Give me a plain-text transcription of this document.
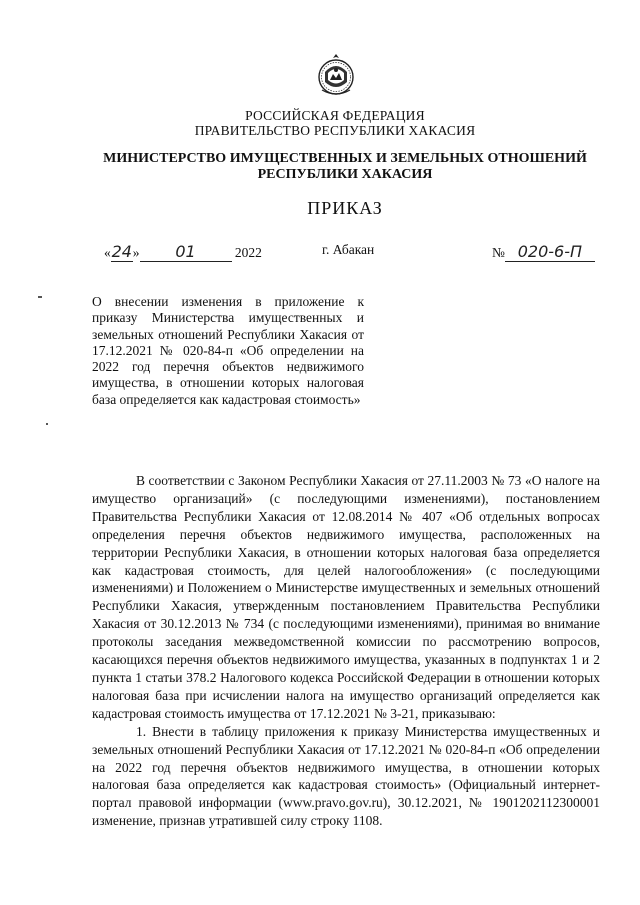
РОССИЙСКАЯ ФЕДЕРАЦИЯ
ПРАВИТЕЛЬСТВО РЕСПУБЛИКИ ХАКАСИЯ
МИНИСТЕРСТВО ИМУЩЕСТВЕННЫХ И ЗЕМЕЛЬНЫХ ОТНОШЕНИЙ
РЕСПУБЛИКИ ХАКАСИЯ
ПРИКАЗ
«24» 01	2022	г. Абакан	№ 020-6-П
О внесении изменения в приложение к приказу Министерства имущественных и земельных отношений Республики Хакасия от 17.12.2021 № 020-84-п «Об определении на 2022 год перечня объектов недвижимого имущества, в отношении которых налоговая база определяется как кадастровая стоимость»

В соответствии с Законом Республики Хакасия от 27.11.2003 № 73 «О налоге на имущество организаций» (с последующими изменениями), постановлением Правительства Республики Хакасия от 12.08.2014 № 407 «Об отдельных вопросах определения перечня объектов недвижимого имущества, расположенных на территории Республики Хакасия, в отношении которых налоговая база определяется как кадастровая стоимость, для целей налогообложения» (с последующими изменениями) и Положением о Министерстве имущественных и земельных отношений Республики Хакасия, утвержденным постановлением Правительства Республики Хакасия от 30.12.2013 № 734 (с последующими изменениями), принимая во внимание протоколы заседания межведомственной комиссии по рассмотрению вопросов, касающихся перечня объектов недвижимого имущества, указанных в подпунктах 1 и 2 пункта 1 статьи 378.2 Налогового кодекса Российской Федерации в отношении которых налоговая база при исчислении налога на имущество организаций определяется как кадастровая стоимость имущества от 17.12.2021 № 3-21, приказываю:

1. Внести в таблицу приложения к приказу Министерства имущественных и земельных отношений Республики Хакасия от 17.12.2021 № 020-84-п «Об определении на 2022 год перечня объектов недвижимого имущества, в отношении которых налоговая база определяется как кадастровая стоимость» (Официальный интернет-портал правовой информации (www.pravo.gov.ru), 30.12.2021, № 1901202112300001 изменение, признав утратившей силу строку 1108.
